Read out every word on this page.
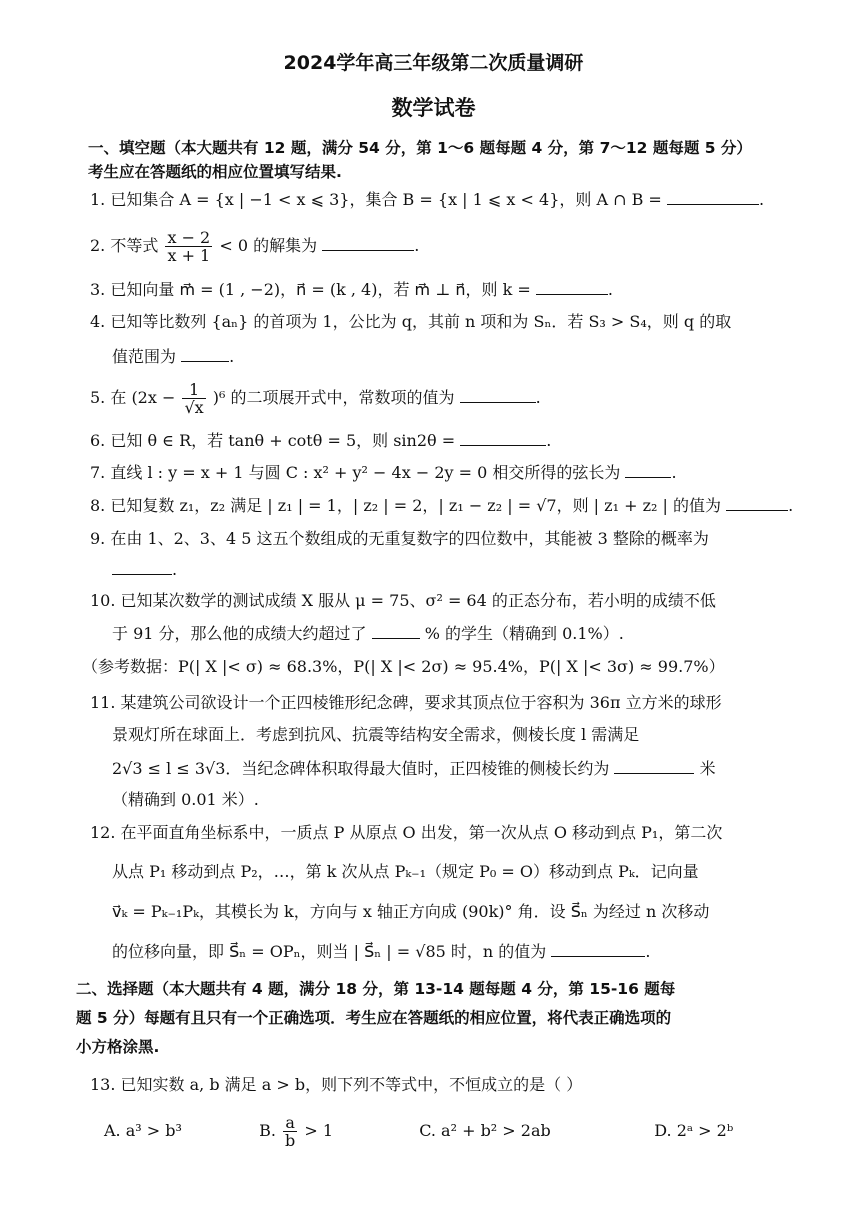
2024学年高三年级第二次质量调研
数学试卷
一、填空题（本大题共有 12 题，满分 54 分，第 1～6 题每题 4 分，第 7～12 题每题 5 分）
考生应在答题纸的相应位置填写结果.
1. 已知集合 A = {x | −1 < x ⩽ 3}，集合 B = {x | 1 ⩽ x < 4}，则 A ∩ B =	.
2. 不等式 $\frac{x - 2}{x + 1} < 0$ 的解集为	.
3. 已知向量 m⃗ = (1 , −2)，n⃗ = (k , 4)，若 m⃗ ⊥ n⃗，则 k =	.
4. 已知等比数列 {aₙ} 的首项为 1，公比为 q，其前 n 项和为 Sₙ．若 S₃ > S₄，则 q 的取
值范围为	.
5. 在 $(2x - \frac{1}{√x} )^6$ 的二项展开式中，常数项的值为	.
6. 已知 θ ∈ R，若 tanθ + cotθ = 5，则 sin2θ =	.
7. 直线 l : y = x + 1 与圆 C : x² + y² − 4x − 2y = 0 相交所得的弦长为	.
8. 已知复数 z₁，z₂ 满足 | z₁ | = 1，| z₂ | = 2，| z₁ − z₂ | = √7，则 | z₁ + z₂ | 的值为	.
9. 在由 1、2、3、4 5 这五个数组成的无重复数字的四位数中，其能被 3 整除的概率为
.
10. 已知某次数学的测试成绩 X 服从 μ = 75、σ² = 64 的正态分布，若小明的成绩不低
于 91 分，那么他的成绩大约超过了	% 的学生（精确到 0.1%）.
（参考数据：P(| X |< σ) ≈ 68.3%，P(| X |< 2σ) ≈ 95.4%，P(| X |< 3σ) ≈ 99.7%）
11. 某建筑公司欲设计一个正四棱锥形纪念碑，要求其顶点位于容积为 36π 立方米的球形
景观灯所在球面上．考虑到抗风、抗震等结构安全需求，侧棱长度 l 需满足
2√3 ≤ l ≤ 3√3．当纪念碑体积取得最大值时，正四棱锥的侧棱长约为	米
（精确到 0.01 米）.
12. 在平面直角坐标系中，一质点 P 从原点 O 出发，第一次从点 O 移动到点 P₁，第二次
从点 P₁ 移动到点 P₂，…，第 k 次从点 Pₖ₋₁（规定 P₀ = O）移动到点 Pₖ．记向量
v⃗ₖ = Pₖ₋₁Pₖ，其模长为 k，方向与 x 轴正方向成 (90k)° 角．设 S⃗ₙ 为经过 n 次移动
的位移向量，即 S⃗ₙ = OPₙ，则当 | S⃗ₙ | = √85 时，n 的值为	.
二、选择题（本大题共有 4 题，满分 18 分，第 13-14 题每题 4 分，第 15-16 题每
题 5 分）每题有且只有一个正确选项．考生应在答题纸的相应位置，将代表正确选项的
小方格涂黑.
13. 已知实数 a, b 满足 a > b，则下列不等式中，不恒成立的是（ ）
A. a³ > b³	B. $\frac{a}{b} > 1$	C. a² + b² > 2ab	D. 2ᵃ > 2ᵇ
